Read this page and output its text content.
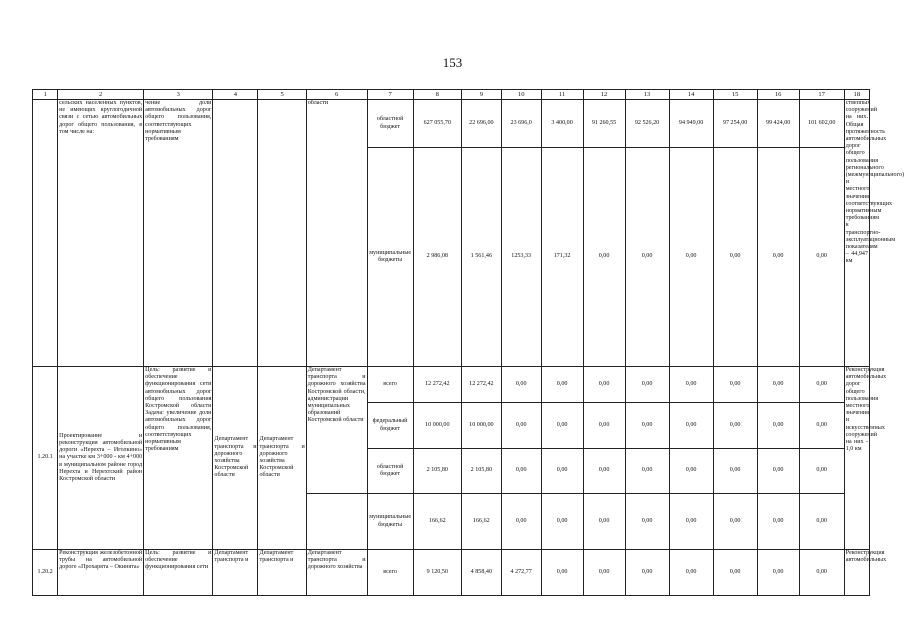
153
1	2	3	4	5	6	7	8	9	10	11	12	13	14	15	16	17	18
	сельских населенных пунктов, не имеющих круглогодичной связи с сетью автомобильных дорог общего пользования, в том числе на:	чение доли автомобильных дорог общего пользования, соответствующих нормативным требованиям			области	областной бюджет	627 055,70	22 696,00	23 696,0	3 400,00	91 260,55	92 526,20	94 949,00	97 254,00	99 424,00	101 602,00	ствеппых сооружений на них. Общая протяженность автомобильных дорог общего пользования регионального (межмуниципального) и местного значения, соответствующих нормативным требованиям к транспортно-эксплуатационным показателям – 44,947 км
						муниципальные бюджеты	2 986,08	1 561,46	1253,33	171,32	0,00	0,00	0,00	0,00	0,00	0,00	
1.20.1	Проектирование и реконструкция автомобильной дороги «Нерехта – Иголкино» на участке км 3+000 - км 4+000 в муниципальном районе город Нерехта и Нерехтский район Костромской области	Цель: развитие и обеспечение функционирования сети автомобильных дорог общего пользования Костромской области Задача: увеличение доли автомобильных дорог общего пользования, соответствующих нормативным требованиям	Департамент транспорта и дорожного хозяйства Костромской области	Департамент транспорта и дорожного хозяйства Костромской области	Департамент транспорта и дорожного хозяйства Костромской области, администрации муниципальных образований Костромской области	всего	12 272,42	12 272,42	0,00	0,00	0,00	0,00	0,00	0,00	0,00	0,00	Реконструкция автомобильных дорог общего пользования местного значения и искусственных сооружений на них - 1,0 км
						федеральный бюджет	10 000,00	10 000,00	0,00	0,00	0,00	0,00	0,00	0,00	0,00	0,00	
						областной бюджет	2 105,80	2 105,80	0,00	0,00	0,00	0,00	0,00	0,00	0,00	0,00	
						муниципальные бюджеты	166,62	166,62	0,00	0,00	0,00	0,00	0,00	0,00	0,00	0,00	
1.20.2	Реконструкция железобетонной трубы на автомобильной дороге «Прохарята – Окинята»	Цель: развитие и обеспечение функционирования сети	Департамент транспорта и	Департамент транспорта и	Департамент транспорта и дорожного хозяйства	всего	9 120,50	4 858,40	4 272,77	0,00	0,00	0,00	0,00	0,00	0,00	0,00	Реконструкция автомобильных
